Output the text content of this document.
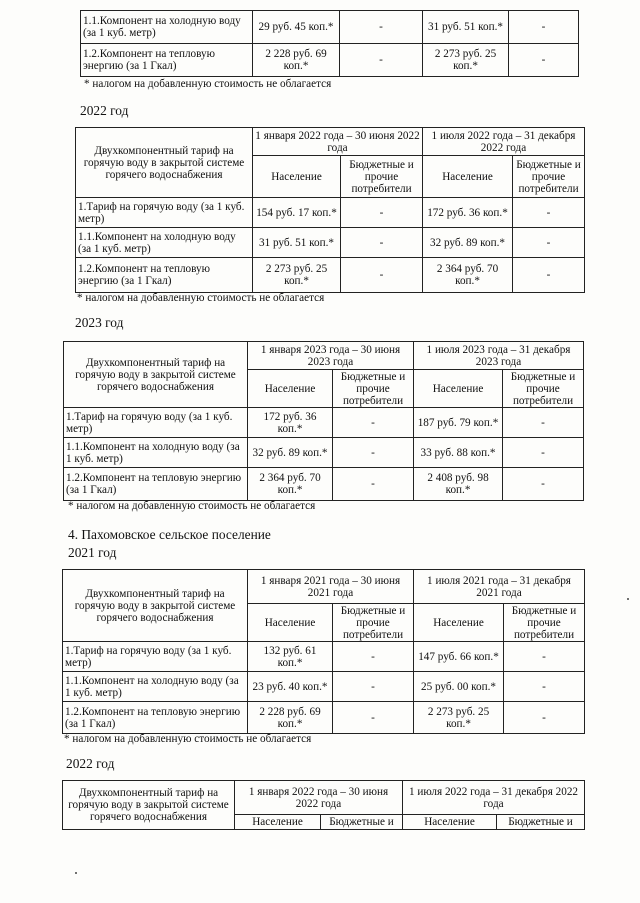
1.1.Компонент на холодную воду (за 1 куб. метр)	29 руб. 45 коп.*	-	31 руб. 51 коп.*	-
1.2.Компонент на тепловую энергию (за 1 Гкал)	2 228 руб. 69 коп.*	-	2 273 руб. 25 коп.*	-
* налогом на добавленную стоимость не облагается
2022 год
Двухкомпонентный тариф на горячую воду в закрытой системе горячего водоснабжения	1 января 2022 года – 30 июня 2022 года		1 июля 2022 года – 31 декабря 2022 года	
	Население	Бюджетные и прочие потребители	Население	Бюджетные и прочие потребители
1.Тариф на горячую воду (за 1 куб. метр)	154 руб. 17 коп.*	-	172 руб. 36 коп.*	-
1.1.Компонент на холодную воду (за 1 куб. метр)	31 руб. 51 коп.*	-	32 руб. 89 коп.*	-
1.2.Компонент на тепловую энергию (за 1 Гкал)	2 273 руб. 25 коп.*	-	2 364 руб. 70 коп.*	-
* налогом на добавленную стоимость не облагается
2023 год
Двухкомпонентный тариф на горячую воду в закрытой системе горячего водоснабжения	1 января 2023 года – 30 июня 2023 года		1 июля 2023 года – 31 декабря 2023 года	
	Население	Бюджетные и прочие потребители	Население	Бюджетные и прочие потребители
1.Тариф на горячую воду (за 1 куб. метр)	172 руб. 36 коп.*	-	187 руб. 79 коп.*	-
1.1.Компонент на холодную воду (за 1 куб. метр)	32 руб. 89 коп.*	-	33 руб. 88 коп.*	-
1.2.Компонент на тепловую энергию (за 1 Гкал)	2 364 руб. 70 коп.*	-	2 408 руб. 98 коп.*	-
* налогом на добавленную стоимость не облагается
4. Пахомовское сельское поселение
2021 год
Двухкомпонентный тариф на горячую воду в закрытой системе горячего водоснабжения	1 января 2021 года – 30 июня 2021 года		1 июля 2021 года – 31 декабря 2021 года	
	Население	Бюджетные и прочие потребители	Население	Бюджетные и прочие потребители
1.Тариф на горячую воду (за 1 куб. метр)	132 руб. 61 коп.*	-	147 руб. 66 коп.*	-
1.1.Компонент на холодную воду (за 1 куб. метр)	23 руб. 40 коп.*	-	25 руб. 00 коп.*	-
1.2.Компонент на тепловую энергию (за 1 Гкал)	2 228 руб. 69 коп.*	-	2 273 руб. 25 коп.*	-
* налогом на добавленную стоимость не облагается
2022 год
Двухкомпонентный тариф на горячую воду в закрытой системе горячего водоснабжения	1 января 2022 года – 30 июня 2022 года		1 июля 2022 года – 31 декабря 2022 года	
	Население	Бюджетные и	Население	Бюджетные и
